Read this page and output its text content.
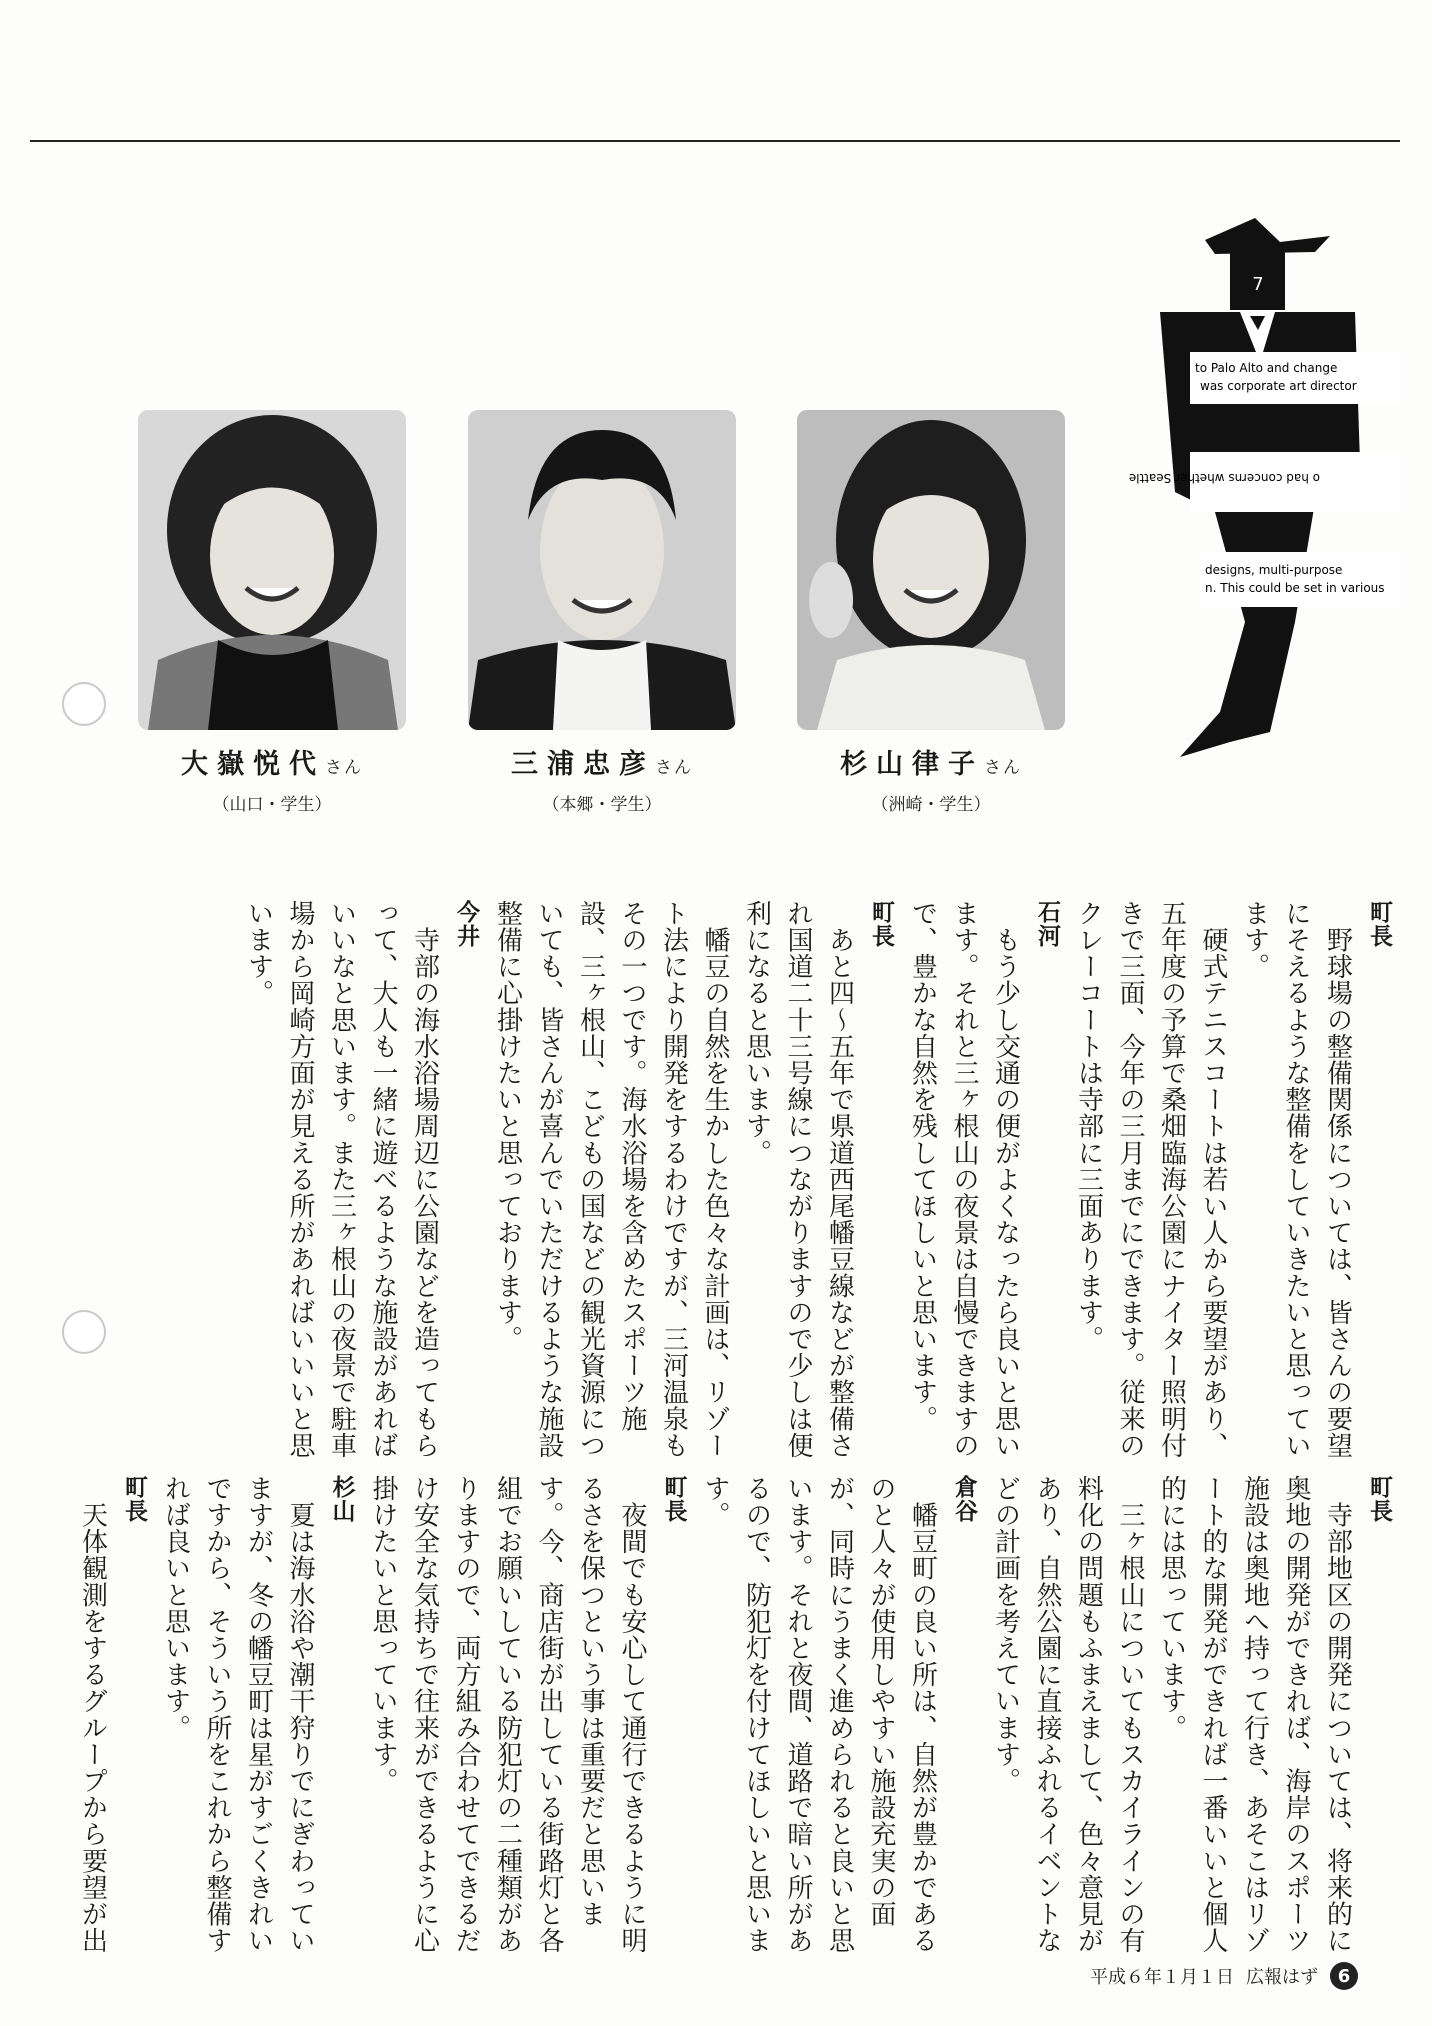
7
to Palo Alto and change
was corporate art director
o had concerns whether Seattle
designs, multi-purpose
n. This could be set in various
大嶽悦代さん
（山口・学生）
三浦忠彦さん
（本郷・学生）
杉山律子さん
（洲崎・学生）

町長

　野球場の整備関係については、皆さんの要望にそえるような整備をしていきたいと思っています。

　硬式テニスコートは若い人から要望があり、五年度の予算で桑畑臨海公園にナイター照明付きで三面、今年の三月までにできます。従来のクレーコートは寺部に三面あります。

石河

　もう少し交通の便がよくなったら良いと思います。それと三ヶ根山の夜景は自慢できますので、豊かな自然を残してほしいと思います。

町長

　あと四〜五年で県道西尾幡豆線などが整備され国道二十三号線につながりますので少しは便利になると思います。

　幡豆の自然を生かした色々な計画は、リゾート法により開発をするわけですが、三河温泉もその一つです。海水浴場を含めたスポーツ施設、三ヶ根山、こどもの国などの観光資源についても、皆さんが喜んでいただけるような施設整備に心掛けたいと思っております。

今井

　寺部の海水浴場周辺に公園などを造ってもらって、大人も一緒に遊べるような施設があればいいなと思います。また三ヶ根山の夜景で駐車場から岡崎方面が見える所があればいいいと思います。

町長

　寺部地区の開発については、将来的に奥地の開発ができれば、海岸のスポーツ施設は奥地へ持って行き、あそこはリゾート的な開発ができれば一番いいと個人的には思っています。

　三ヶ根山についてもスカイラインの有料化の問題もふまえまして、色々意見があり、自然公園に直接ふれるイベントなどの計画を考えています。

倉谷

　幡豆町の良い所は、自然が豊かであるのと人々が使用しやすい施設充実の面が、同時にうまく進められると良いと思います。それと夜間、道路で暗い所があるので、防犯灯を付けてほしいと思います。

町長

　夜間でも安心して通行できるように明るさを保つという事は重要だと思います。今、商店街が出している街路灯と各組でお願いしている防犯灯の二種類がありますので、両方組み合わせてできるだけ安全な気持ちで往来ができるように心掛けたいと思っています。

杉山

　夏は海水浴や潮干狩りでにぎわっていますが、冬の幡豆町は星がすごくきれいですから、そういう所をこれから整備すれば良いと思います。

町長

　天体観測をするグループから要望が出

平成６年１月１日 広報はず	6
